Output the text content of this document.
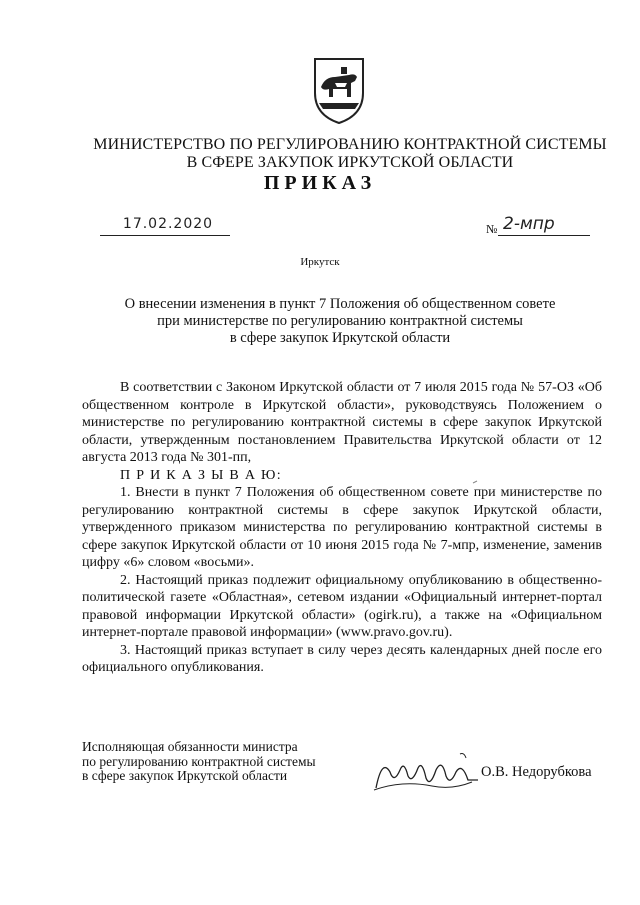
МИНИСТЕРСТВО ПО РЕГУЛИРОВАНИЮ КОНТРАКТНОЙ СИСТЕМЫ
В СФЕРЕ ЗАКУПОК ИРКУТСКОЙ ОБЛАСТИ
ПРИКАЗ
17.02.2020	№ 2-мпр
Иркутск
О внесении изменения в пункт 7 Положения об общественном совете
при министерстве по регулированию контрактной системы
в сфере закупок Иркутской области

В соответствии с Законом Иркутской области от 7 июля 2015 года № 57-ОЗ «Об общественном контроле в Иркутской области», руководствуясь Положением о министерстве по регулированию контрактной системы в сфере закупок Иркутской области, утвержденным постановлением Правительства Иркутской области от 12 августа 2013 года № 301-пп,

П Р И К А З Ы В А Ю:

1. Внести в пункт 7 Положения об общественном совете при министерстве по регулированию контрактной системы в сфере закупок Иркутской области, утвержденного приказом министерства по регулированию контрактной системы в сфере закупок Иркутской области от 10 июня 2015 года № 7-мпр, изменение, заменив цифру «6» словом «восьми».

2. Настоящий приказ подлежит официальному опубликованию в общественно-политической газете «Областная», сетевом издании «Официальный интернет-портал правовой информации Иркутской области» (ogirk.ru), а также на «Официальном интернет-портале правовой информации» (www.pravo.gov.ru).

3. Настоящий приказ вступает в силу через десять календарных дней после его официального опубликования.

Исполняющая обязанности министра
по регулированию контрактной системы
в сфере закупок Иркутской области	О.В. Недорубкова
